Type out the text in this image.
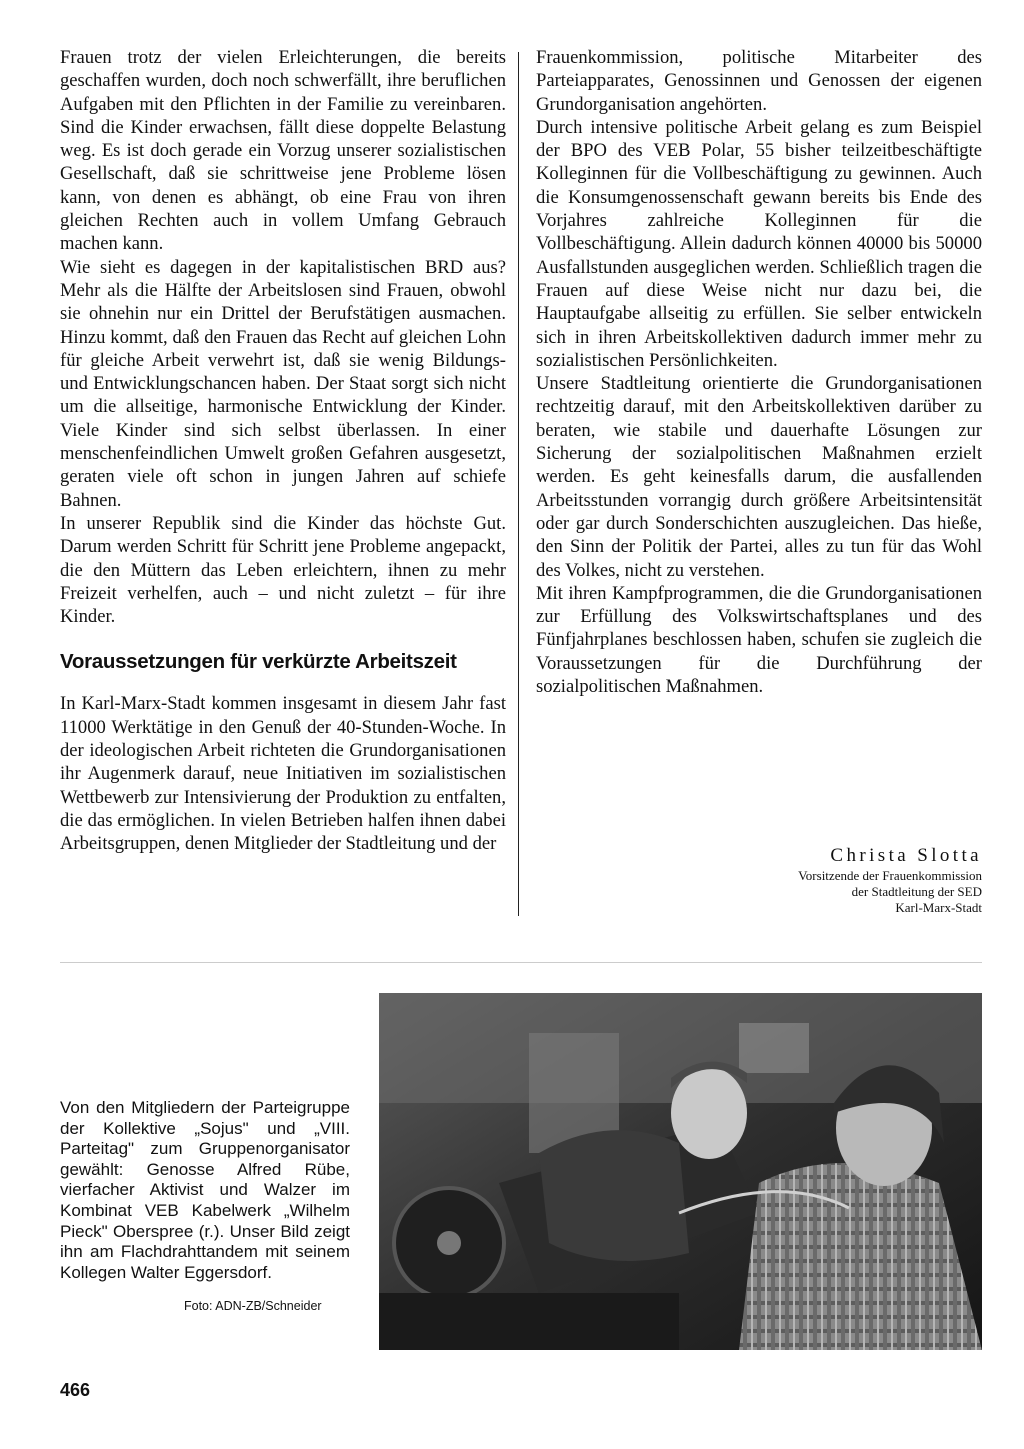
Frauen trotz der vielen Erleichterungen, die bereits geschaffen wurden, doch noch schwerfällt, ihre beruflichen Aufgaben mit den Pflichten in der Familie zu vereinbaren. Sind die Kinder erwachsen, fällt diese doppelte Belastung weg. Es ist doch gerade ein Vorzug unserer sozialistischen Gesellschaft, daß sie schrittweise jene Probleme lösen kann, von denen es abhängt, ob eine Frau von ihren gleichen Rechten auch in vollem Umfang Gebrauch machen kann.

Wie sieht es dagegen in der kapitalistischen BRD aus? Mehr als die Hälfte der Arbeitslosen sind Frauen, obwohl sie ohnehin nur ein Drittel der Berufstätigen ausmachen. Hinzu kommt, daß den Frauen das Recht auf gleichen Lohn für gleiche Arbeit verwehrt ist, daß sie wenig Bildungs- und Entwicklungschancen haben. Der Staat sorgt sich nicht um die allseitige, harmonische Entwicklung der Kinder. Viele Kinder sind sich selbst überlassen. In einer menschenfeindlichen Umwelt großen Gefahren ausgesetzt, geraten viele oft schon in jungen Jahren auf schiefe Bahnen.

In unserer Republik sind die Kinder das höchste Gut. Darum werden Schritt für Schritt jene Probleme angepackt, die den Müttern das Leben erleichtern, ihnen zu mehr Freizeit verhelfen, auch – und nicht zuletzt – für ihre Kinder.

Voraussetzungen für verkürzte Arbeitszeit

In Karl-Marx-Stadt kommen insgesamt in diesem Jahr fast 11000 Werktätige in den Genuß der 40-Stunden-Woche. In der ideologischen Arbeit richteten die Grundorganisationen ihr Augenmerk darauf, neue Initiativen im sozialistischen Wettbewerb zur Intensivierung der Produktion zu entfalten, die das ermöglichen. In vielen Betrieben halfen ihnen dabei Arbeitsgruppen, denen Mitglieder der Stadtleitung und der

Frauenkommission, politische Mitarbeiter des Parteiapparates, Genossinnen und Genossen der eigenen Grundorganisation angehörten.

Durch intensive politische Arbeit gelang es zum Beispiel der BPO des VEB Polar, 55 bisher teilzeitbeschäftigte Kolleginnen für die Vollbeschäftigung zu gewinnen. Auch die Konsumgenossenschaft gewann bereits bis Ende des Vorjahres zahlreiche Kolleginnen für die Vollbeschäftigung. Allein dadurch können 40000 bis 50000 Ausfallstunden ausgeglichen werden. Schließlich tragen die Frauen auf diese Weise nicht nur dazu bei, die Hauptaufgabe allseitig zu erfüllen. Sie selber entwickeln sich in ihren Arbeitskollektiven dadurch immer mehr zu sozialistischen Persönlichkeiten.

Unsere Stadtleitung orientierte die Grundorganisationen rechtzeitig darauf, mit den Arbeitskollektiven darüber zu beraten, wie stabile und dauerhafte Lösungen zur Sicherung der sozialpolitischen Maßnahmen erzielt werden. Es geht keinesfalls darum, die ausfallenden Arbeitsstunden vorrangig durch größere Arbeitsintensität oder gar durch Sonderschichten auszugleichen. Das hieße, den Sinn der Politik der Partei, alles zu tun für das Wohl des Volkes, nicht zu verstehen.

Mit ihren Kampfprogrammen, die die Grundorganisationen zur Erfüllung des Volkswirtschaftsplanes und des Fünfjahrplanes beschlossen haben, schufen sie zugleich die Voraussetzungen für die Durchführung der sozialpolitischen Maßnahmen.

Christa Slotta
Vorsitzende der Frauenkommission
der Stadtleitung der SED
Karl-Marx-Stadt
Von den Mitgliedern der Parteigruppe der Kollektive „Sojus" und „VIII. Parteitag" zum Gruppenorganisator gewählt: Genosse Alfred Rübe, vierfacher Aktivist und Walzer im Kombinat VEB Kabelwerk „Wilhelm Pieck" Oberspree (r.). Unser Bild zeigt ihn am Flachdrahttandem mit seinem Kollegen Walter Eggersdorf.
Foto: ADN-ZB/Schneider
466
